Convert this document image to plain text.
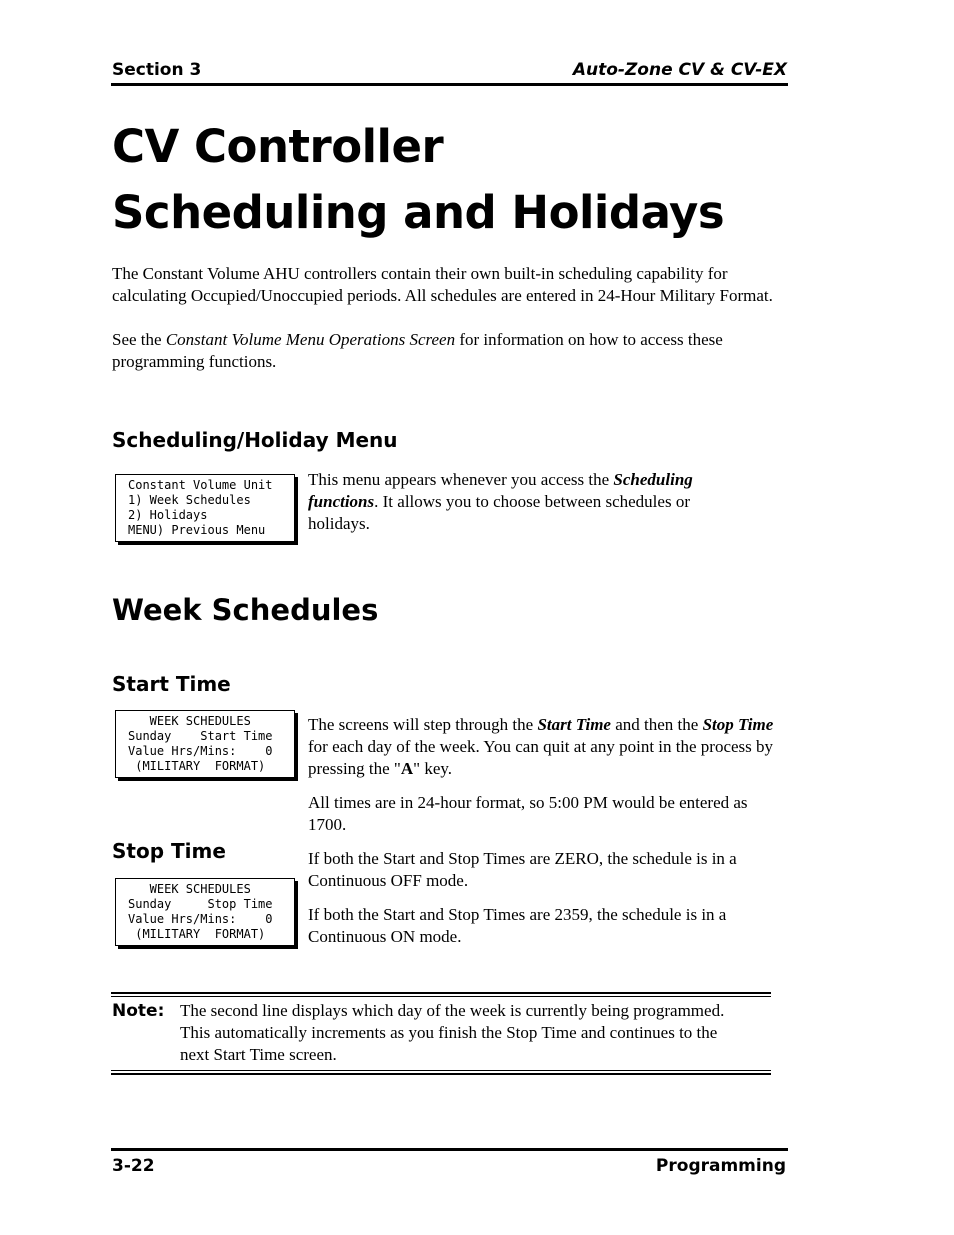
Section 3	Auto-Zone CV & CV-EX
CV Controller
Scheduling and Holidays

The Constant Volume AHU controllers contain their own built-in scheduling capability for calculating Occupied/Unoccupied periods. All schedules are entered in 24-Hour Military Format.

See the Constant Volume Menu Operations Screen for information on how to access these programming functions.

Scheduling/Holiday Menu
Constant Volume Unit
1) Week Schedules
2) Holidays
MENU) Previous Menu
This menu appears whenever you access the Scheduling functions. It allows you to choose between schedules or holidays.
Week Schedules
Start Time
WEEK SCHEDULES
Sunday    Start Time
Value Hrs/Mins:    0
(MILITARY  FORMAT)
Stop Time
WEEK SCHEDULES
Sunday     Stop Time
Value Hrs/Mins:    0
(MILITARY  FORMAT)

The screens will step through the Start Time and then the Stop Time for each day of the week. You can quit at any point in the process by pressing the "A" key.

All times are in 24-hour format, so 5:00 PM would be entered as 1700.

If both the Start and Stop Times are ZERO, the schedule is in a Continuous OFF mode.

If both the Start and Stop Times are 2359, the schedule is in a Continuous ON mode.

Note: The second line displays which day of the week is currently being programmed. This automatically increments as you finish the Stop Time and continues to the next Start Time screen.
3-22	Programming
